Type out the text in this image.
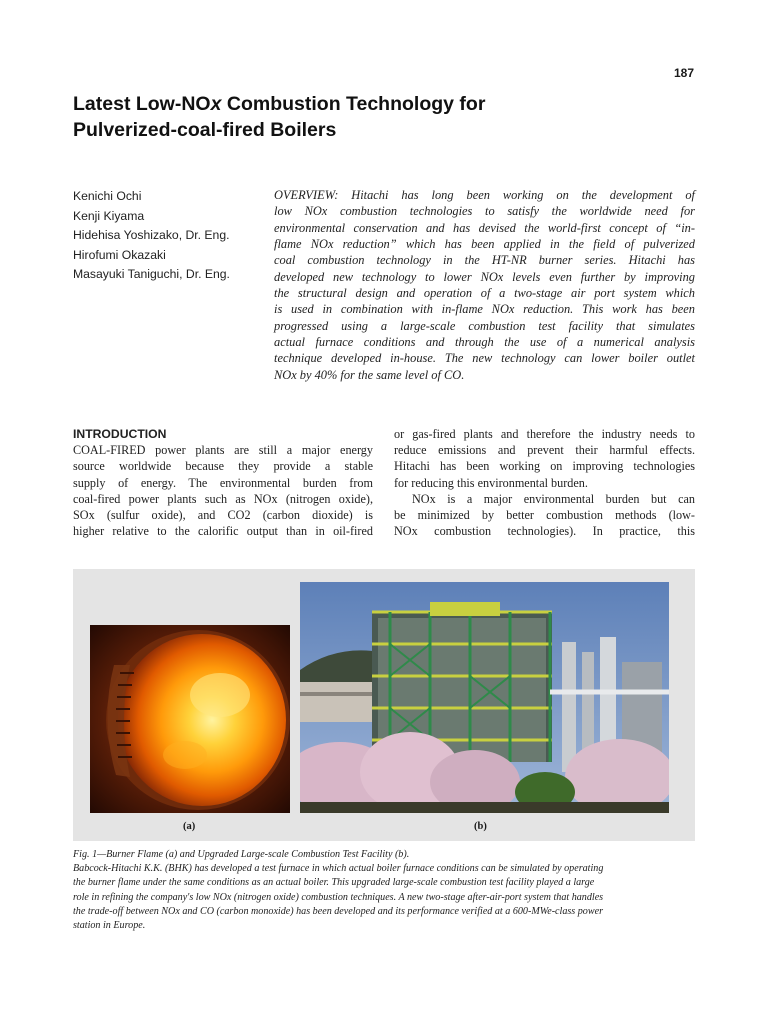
187
Latest Low-NOx Combustion Technology for
Pulverized-coal-fired Boilers
Kenichi Ochi
Kenji Kiyama
Hidehisa Yoshizako, Dr. Eng.
Hirofumi Okazaki
Masayuki Taniguchi, Dr. Eng.
OVERVIEW: Hitachi has long been working on the development of
low NOx combustion technologies to satisfy the worldwide need for
environmental conservation and has devised the world-first concept of “in-
flame NOx reduction” which has been applied in the field of pulverized
coal combustion technology in the HT-NR burner series. Hitachi has
developed new technology to lower NOx levels even further by improving
the structural design and operation of a two-stage air port system which
is used in combination with in-flame NOx reduction. This work has been
progressed using a large-scale combustion test facility that simulates
actual furnace conditions and through the use of a numerical analysis
technique developed in-house. The new technology can lower boiler outlet
NOx by 40% for the same level of CO.
INTRODUCTION
COAL-FIRED power plants are still a major energy
source worldwide because they provide a stable
supply of energy. The environmental burden from
coal-fired power plants such as NOx (nitrogen oxide),
SOx (sulfur oxide), and CO2 (carbon dioxide) is
higher relative to the calorific output than in oil-fired
or gas-fired plants and therefore the industry needs to
reduce emissions and prevent their harmful effects.
Hitachi has been working on improving technologies
for reducing this environmental burden.
NOx is a major environmental burden but can
be minimized by better combustion methods (low-
NOx combustion technologies). In practice, this
(a)	(b)
Fig. 1—Burner Flame (a) and Upgraded Large-scale Combustion Test Facility (b).
Babcock-Hitachi K.K. (BHK) has developed a test furnace in which actual boiler furnace conditions can be simulated by operating
the burner flame under the same conditions as an actual boiler. This upgraded large-scale combustion test facility played a large
role in refining the company's low NOx (nitrogen oxide) combustion techniques. A new two-stage after-air-port system that handles
the trade-off between NOx and CO (carbon monoxide) has been developed and its performance verified at a 600-MWe-class power
station in Europe.
